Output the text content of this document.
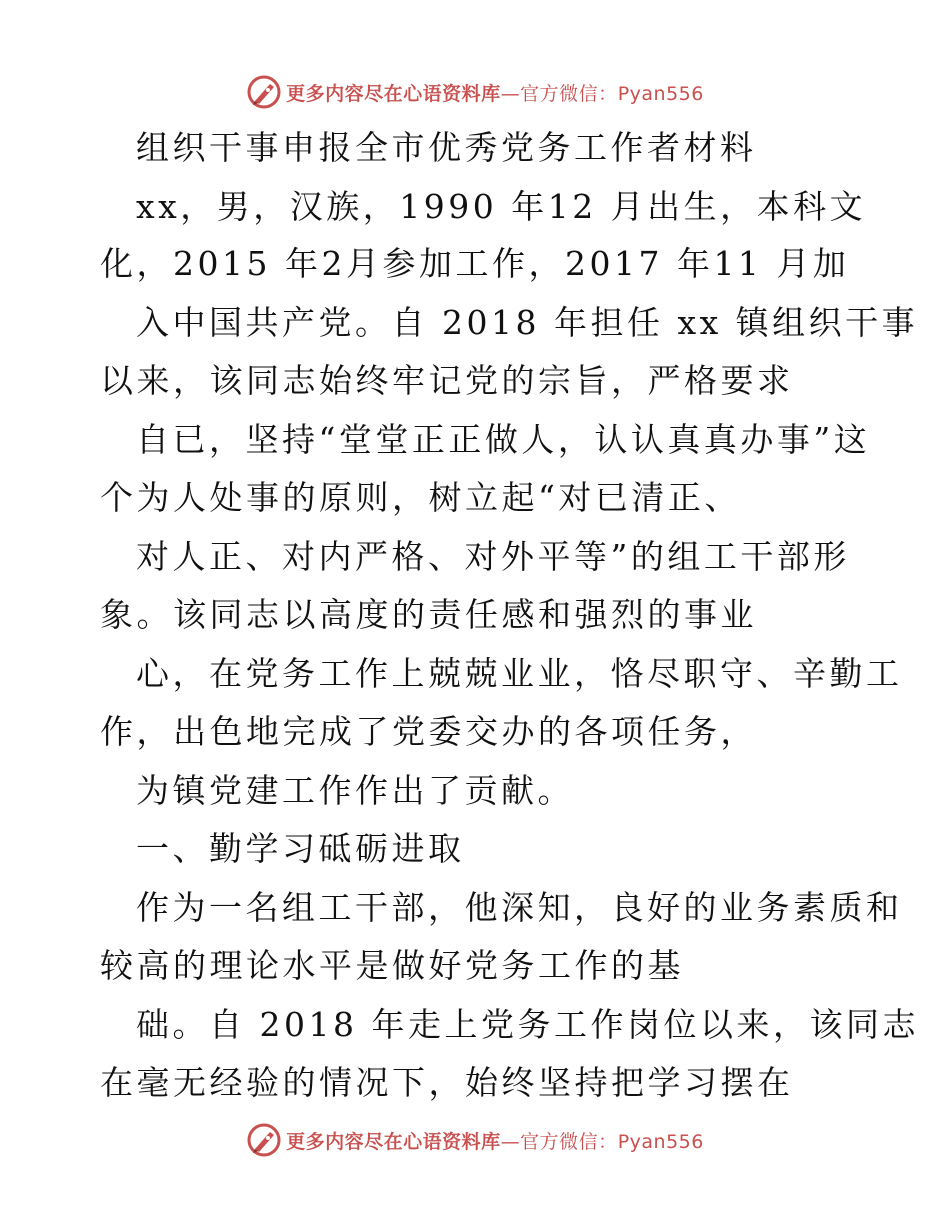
更多内容尽在心语资料库—官方微信：Pyan556
组织干事申报全市优秀党务工作者材料
xx，男，汉族，1990 年12 月出生，本科文
化，2015 年2月参加工作，2017 年11 月加
入中国共产党。自 2018 年担任 xx 镇组织干事
以来，该同志始终牢记党的宗旨，严格要求
自已，坚持“堂堂正正做人，认认真真办事”这
个为人处事的原则，树立起“对已清正、
对人正、对内严格、对外平等”的组工干部形
象。该同志以高度的责任感和强烈的事业
心，在党务工作上兢兢业业，恪尽职守、辛勤工
作，出色地完成了党委交办的各项任务，
为镇党建工作作出了贡献。
一、勤学习砥砺进取
作为一名组工干部，他深知，良好的业务素质和
较高的理论水平是做好党务工作的基
础。自 2018 年走上党务工作岗位以来，该同志
在毫无经验的情况下，始终坚持把学习摆在
更多内容尽在心语资料库—官方微信：Pyan556
